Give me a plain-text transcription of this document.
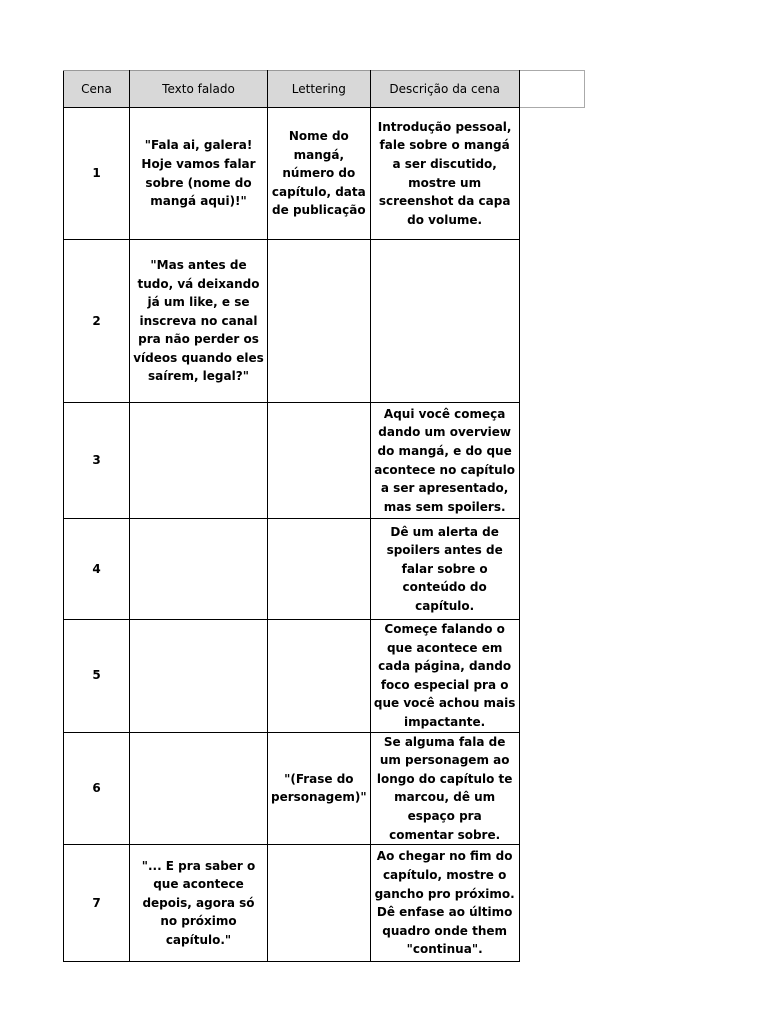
Cena	Texto falado	Lettering	Descrição da cena	
1	"Fala ai, galera! Hoje vamos falar sobre (nome do mangá aqui)!"	Nome do mangá, número do capítulo, data de publicação	Introdução pessoal, fale sobre o mangá a ser discutido, mostre um screenshot da capa do volume.	
2	"Mas antes de tudo, vá deixando já um like, e se inscreva no canal pra não perder os vídeos quando eles saírem, legal?"			
3			Aqui você começa dando um overview do mangá, e do que acontece no capítulo a ser apresentado, mas sem spoilers.	
4			Dê um alerta de spoilers antes de falar sobre o conteúdo do capítulo.	
5			Começe falando o que acontece em cada página, dando foco especial pra o que você achou mais impactante.	
6		"(Frase do personagem)"	Se alguma fala de um personagem ao longo do capítulo te marcou, dê um espaço pra comentar sobre.	
7	"... E pra saber o que acontece depois, agora só no próximo capítulo."		Ao chegar no fim do capítulo, mostre o gancho pro próximo. Dê enfase ao último quadro onde them "continua".	
